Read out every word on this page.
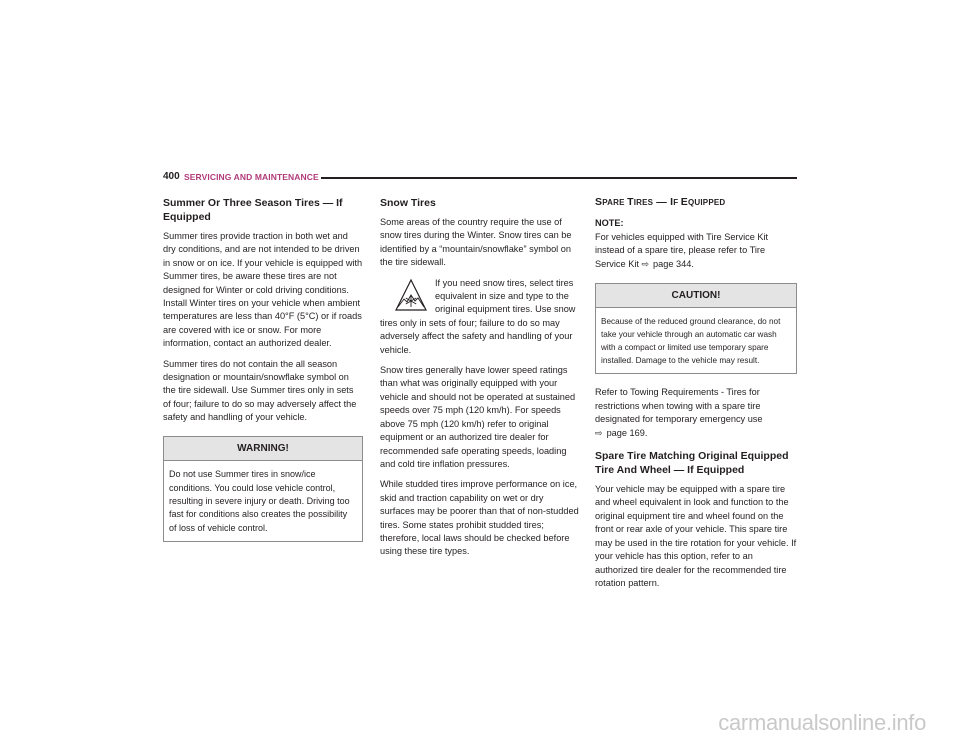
400 SERVICING AND MAINTENANCE
Summer Or Three Season Tires — If Equipped

Summer tires provide traction in both wet and dry conditions, and are not intended to be driven in snow or on ice. If your vehicle is equipped with Summer tires, be aware these tires are not designed for Winter or cold driving conditions. Install Winter tires on your vehicle when ambient temperatures are less than 40°F (5°C) or if roads are covered with ice or snow. For more information, contact an authorized dealer.

Summer tires do not contain the all season designation or mountain/snowflake symbol on the tire sidewall. Use Summer tires only in sets of four; failure to do so may adversely affect the safety and handling of your vehicle.

WARNING!
Do not use Summer tires in snow/ice conditions. You could lose vehicle control, resulting in severe injury or death. Driving too fast for conditions also creates the possibility of loss of vehicle control.
Snow Tires

Some areas of the country require the use of snow tires during the Winter. Snow tires can be identified by a “mountain/snowflake” symbol on the tire sidewall.

If you need snow tires, select tires equivalent in size and type to the original equipment tires. Use snow tires only in sets of four; failure to do so may adversely affect the safety and handling of your vehicle.

Snow tires generally have lower speed ratings than what was originally equipped with your vehicle and should not be operated at sustained speeds over 75 mph (120 km/h). For speeds above 75 mph (120 km/h) refer to original equipment or an authorized tire dealer for recommended safe operating speeds, loading and cold tire inflation pressures.

While studded tires improve performance on ice, skid and traction capability on wet or dry surfaces may be poorer than that of non-studded tires. Some states prohibit studded tires; therefore, local laws should be checked before using these tire types.

SPARE TIRES — IF EQUIPPED

NOTE:
For vehicles equipped with Tire Service Kit instead of a spare tire, please refer to Tire Service Kit ⇨ page 344.

CAUTION!
Because of the reduced ground clearance, do not take your vehicle through an automatic car wash with a compact or limited use temporary spare installed. Damage to the vehicle may result.

Refer to Towing Requirements - Tires for restrictions when towing with a spare tire designated for temporary emergency use
⇨ page 169.

Spare Tire Matching Original Equipped Tire And Wheel — If Equipped

Your vehicle may be equipped with a spare tire and wheel equivalent in look and function to the original equipment tire and wheel found on the front or rear axle of your vehicle. This spare tire may be used in the tire rotation for your vehicle. If your vehicle has this option, refer to an authorized tire dealer for the recommended tire rotation pattern.

carmanualsonline.info
